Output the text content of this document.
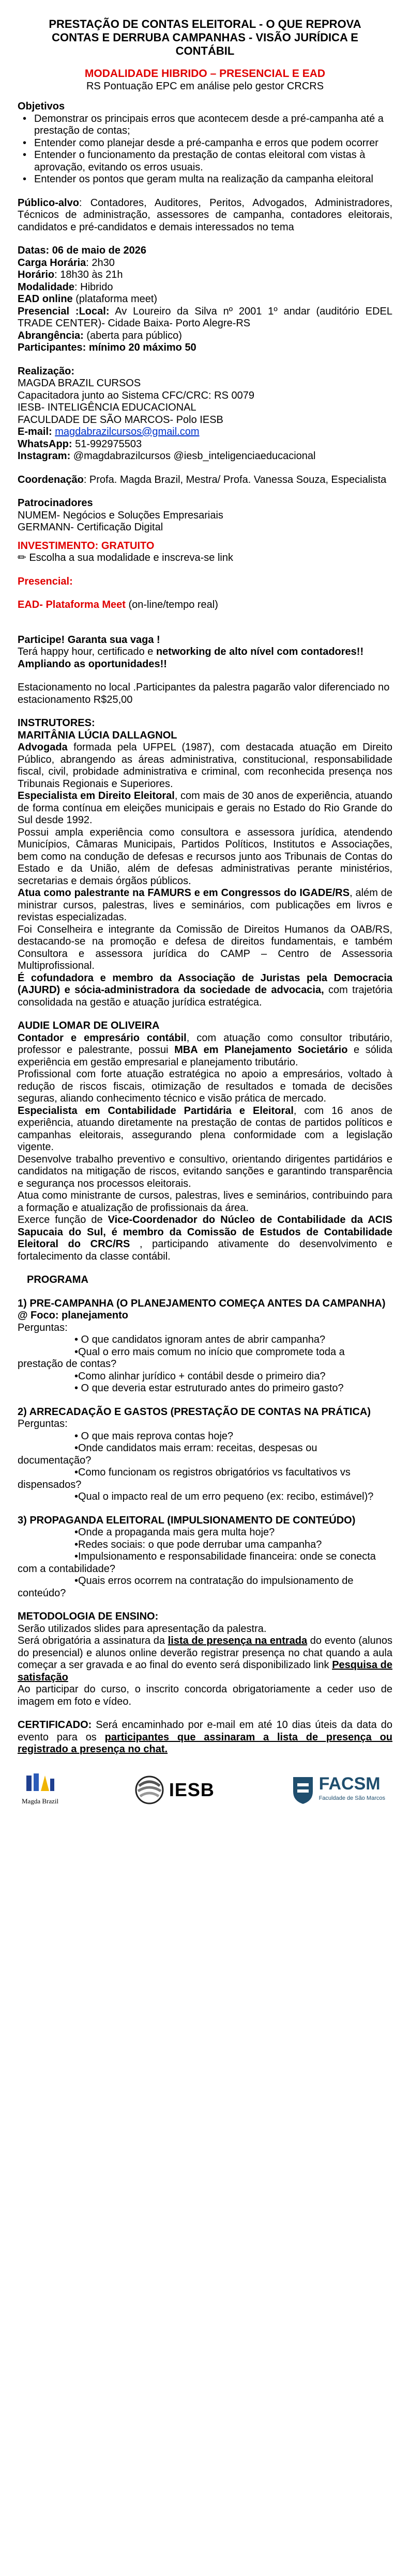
PRESTAÇÃO DE CONTAS ELEITORAL - O QUE REPROVA

CONTAS E DERRUBA CAMPANHAS - VISÃO JURÍDICA E

CONTÁBIL

MODALIDADE HIBRIDO – PRESENCIAL E EAD

RS Pontuação EPC em análise pelo gestor CRCRS

Objetivos

• Demonstrar os principais erros que acontecem desde a pré-campanha até a prestação de contas;
• Entender como planejar desde a pré-campanha e erros que podem ocorrer
• Entender o funcionamento da prestação de contas eleitoral com vistas à aprovação, evitando os erros usuais.
• Entender os pontos que geram multa na realização da campanha eleitoral

Público-alvo: Contadores, Auditores, Peritos, Advogados, Administradores, Técnicos de administração, assessores de campanha, contadores eleitorais, candidatos e pré-candidatos e demais interessados no tema

Datas: 06 de maio de 2026

Carga Horária: 2h30

Horário: 18h30 às 21h

Modalidade: Hibrido

EAD online (plataforma meet)

Presencial :Local: Av Loureiro da Silva nº 2001 1º andar (auditório EDEL TRADE CENTER)- Cidade Baixa- Porto Alegre-RS

Abrangência: (aberta para público)

Participantes: mínimo 20 máximo 50

Realização:

MAGDA BRAZIL CURSOS

Capacitadora junto ao Sistema CFC/CRC: RS 0079

IESB- INTELIGÊNCIA EDUCACIONAL

FACULDADE DE SÃO MARCOS- Polo IESB

E-mail: magdabrazilcursos@gmail.com

WhatsApp: 51-992975503

Instagram: @magdabrazilcursos @iesb_inteligenciaeducacional

Coordenação: Profa. Magda Brazil, Mestra/ Profa. Vanessa Souza, Especialista

Patrocinadores

NUMEM- Negócios e Soluções Empresariais

GERMANN- Certificação Digital

INVESTIMENTO: GRATUITO

✏ Escolha a sua modalidade e inscreva-se link

Presencial:

EAD- Plataforma Meet (on-line/tempo real)

Participe! Garanta sua vaga !

Terá happy hour, certificado e networking de alto nível com contadores!! Ampliando as oportunidades!!

Estacionamento no local .Participantes da palestra pagarão valor diferenciado no estacionamento R$25,00

INSTRUTORES:

MARITÂNIA LÚCIA DALLAGNOL

Advogada formada pela UFPEL (1987), com destacada atuação em Direito Público, abrangendo as áreas administrativa, constitucional, responsabilidade fiscal, civil, probidade administrativa e criminal, com reconhecida presença nos Tribunais Regionais e Superiores.

Especialista em Direito Eleitoral, com mais de 30 anos de experiência, atuando de forma contínua em eleições municipais e gerais no Estado do Rio Grande do Sul desde 1992.

Possui ampla experiência como consultora e assessora jurídica, atendendo Municípios, Câmaras Municipais, Partidos Políticos, Institutos e Associações, bem como na condução de defesas e recursos junto aos Tribunais de Contas do Estado e da União, além de defesas administrativas perante ministérios, secretarias e demais órgãos públicos.

Atua como palestrante na FAMURS e em Congressos do IGADE/RS, além de ministrar cursos, palestras, lives e seminários, com publicações em livros e revistas especializadas.

Foi Conselheira e integrante da Comissão de Direitos Humanos da OAB/RS, destacando-se na promoção e defesa de direitos fundamentais, e também Consultora e assessora jurídica do CAMP – Centro de Assessoria Multiprofissional.

É cofundadora e membro da Associação de Juristas pela Democracia (AJURD) e sócia-administradora da sociedade de advocacia, com trajetória consolidada na gestão e atuação jurídica estratégica.

AUDIE LOMAR DE OLIVEIRA

Contador e empresário contábil, com atuação como consultor tributário, professor e palestrante, possui MBA em Planejamento Societário e sólida experiência em gestão empresarial e planejamento tributário.

Profissional com forte atuação estratégica no apoio a empresários, voltado à redução de riscos fiscais, otimização de resultados e tomada de decisões seguras, aliando conhecimento técnico e visão prática de mercado.

Especialista em Contabilidade Partidária e Eleitoral, com 16 anos de experiência, atuando diretamente na prestação de contas de partidos políticos e campanhas eleitorais, assegurando plena conformidade com a legislação vigente.

Desenvolve trabalho preventivo e consultivo, orientando dirigentes partidários e candidatos na mitigação de riscos, evitando sanções e garantindo transparência e segurança nos processos eleitorais.

Atua como ministrante de cursos, palestras, lives e seminários, contribuindo para a formação e atualização de profissionais da área.

Exerce função de Vice-Coordenador do Núcleo de Contabilidade da ACIS Sapucaia do Sul, é membro da Comissão de Estudos de Contabilidade Eleitoral do CRC/RS , participando ativamente do desenvolvimento e fortalecimento da classe contábil.

PROGRAMA

1) PRE-CAMPANHA (O PLANEJAMENTO COMEÇA ANTES DA CAMPANHA)

@ Foco: planejamento

Perguntas:

• O que candidatos ignoram antes de abrir campanha?

•Qual o erro mais comum no início que compromete toda a prestação de contas?

•Como alinhar jurídico + contábil desde o primeiro dia?

• O que deveria estar estruturado antes do primeiro gasto?

2) ARRECADAÇÃO E GASTOS (PRESTAÇÃO DE CONTAS NA PRÁTICA)

Perguntas:

• O que mais reprova contas hoje?

•Onde candidatos mais erram: receitas, despesas ou documentação?

•Como funcionam os registros obrigatórios vs facultativos vs dispensados?

•Qual o impacto real de um erro pequeno (ex: recibo, estimável)?

3) PROPAGANDA ELEITORAL (IMPULSIONAMENTO DE CONTEÚDO)

•Onde a propaganda mais gera multa hoje?

•Redes sociais: o que pode derrubar uma campanha?

•Impulsionamento e responsabilidade financeira: onde se conecta com a contabilidade?

•Quais erros ocorrem na contratação do impulsionamento de conteúdo?

METODOLOGIA DE ENSINO:

Serão utilizados slides para apresentação da palestra.

Será obrigatória a assinatura da lista de presença na entrada do evento (alunos do presencial) e alunos online deverão registrar presença no chat quando a aula começar a ser gravada e ao final do evento será disponibilizado link Pesquisa de satisfação

Ao participar do curso, o inscrito concorda obrigatoriamente a ceder uso de imagem em foto e vídeo.

CERTIFICADO: Será encaminhado por e-mail em até 10 dias úteis da data do evento para os participantes que assinaram a lista de presença ou registrado a presença no chat.

Magda Brazil
IESB	FACSM
Faculdade de São Marcos
